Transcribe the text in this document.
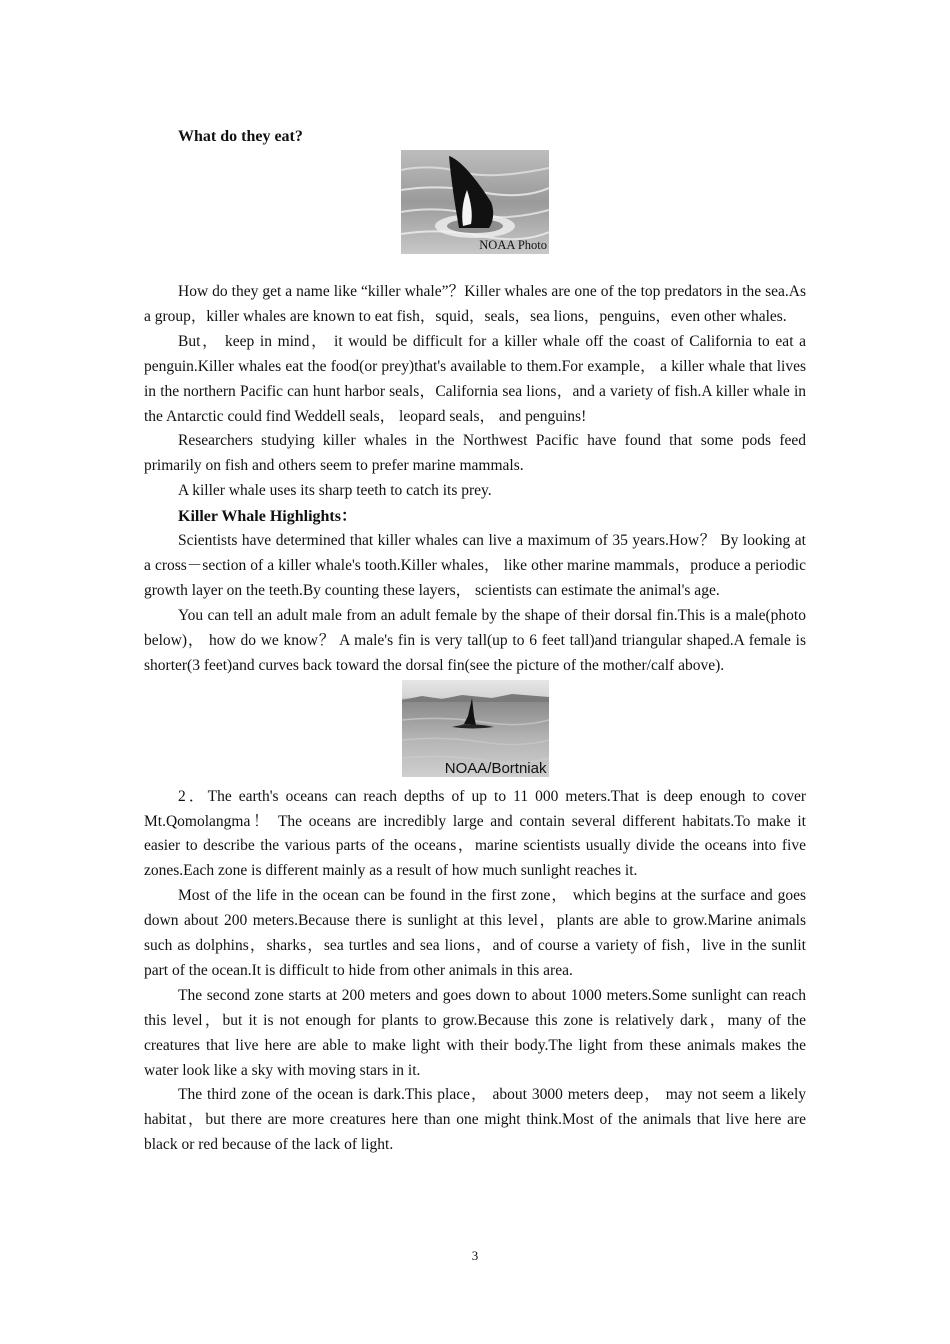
What do they eat?
NOAA Photo

How do they get a name like “killer whale”？Killer whales are one of the top predators in the sea.As a group，killer whales are known to eat fish，squid，seals，sea lions，penguins，even other whales.

But， keep in mind， it would be difficult for a killer whale off the coast of California to eat a penguin.Killer whales eat the food(or prey)that's available to them.For example， a killer whale that lives in the northern Pacific can hunt harbor seals，California sea lions，and a variety of fish.A killer whale in the Antarctic could find Weddell seals， leopard seals， and penguins!

Researchers studying killer whales in the Northwest Pacific have found that some pods feed primarily on fish and others seem to prefer marine mammals.

A killer whale uses its sharp teeth to catch its prey.

Killer Whale Highlights：

Scientists have determined that killer whales can live a maximum of 35 years.How？ By looking at a cross－section of a killer whale's tooth.Killer whales， like other marine mammals，produce a periodic growth layer on the teeth.By counting these layers， scientists can estimate the animal's age.

You can tell an adult male from an adult female by the shape of their dorsal fin.This is a male(photo below)， how do we know？ A male's fin is very tall(up to 6 feet tall)and triangular shaped.A female is shorter(3 feet)and curves back toward the dorsal fin(see the picture of the mother/calf above).

NOAA/Bortniak

2．The earth's oceans can reach depths of up to 11 000 meters.That is deep enough to cover Mt.Qomolangma！ The oceans are incredibly large and contain several different habitats.To make it easier to describe the various parts of the oceans，marine scientists usually divide the oceans into five zones.Each zone is different mainly as a result of how much sunlight reaches it.

Most of the life in the ocean can be found in the first zone， which begins at the surface and goes down about 200 meters.Because there is sunlight at this level，plants are able to grow.Marine animals such as dolphins，sharks，sea turtles and sea lions，and of course a variety of fish，live in the sunlit part of the ocean.It is difficult to hide from other animals in this area.

The second zone starts at 200 meters and goes down to about 1000 meters.Some sunlight can reach this level，but it is not enough for plants to grow.Because this zone is relatively dark，many of the creatures that live here are able to make light with their body.The light from these animals makes the water look like a sky with moving stars in it.

The third zone of the ocean is dark.This place， about 3000 meters deep， may not seem a likely habitat，but there are more creatures here than one might think.Most of the animals that live here are black or red because of the lack of light.

3
